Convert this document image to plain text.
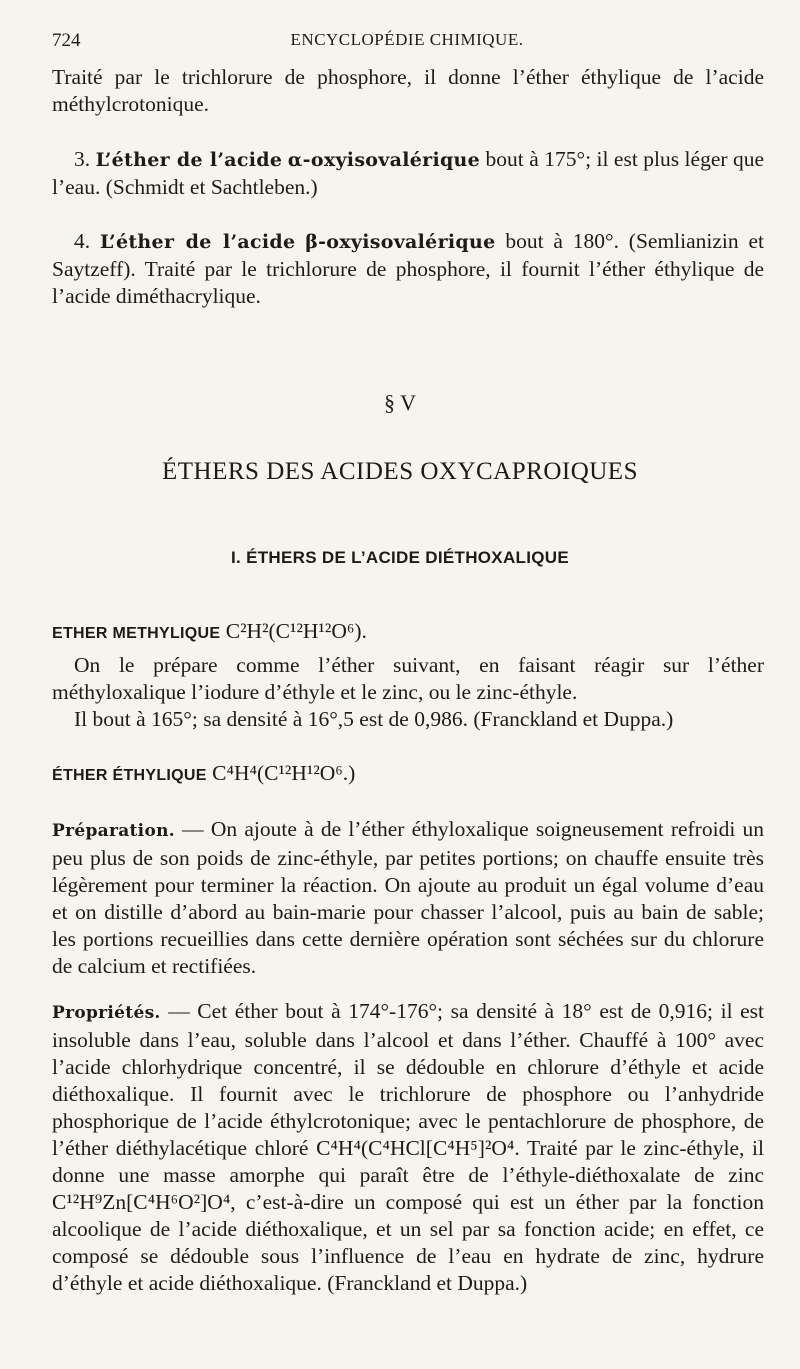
724	ENCYCLOPÉDIE CHIMIQUE.
Traité par le trichlorure de phosphore, il donne l’éther éthylique de l’acide méthylcrotonique.
3. L’éther de l’acide α-oxyisovalérique bout à 175°; il est plus léger que l’eau. (Schmidt et Sachtleben.)
4. L’éther de l’acide β-oxyisovalérique bout à 180°. (Semlianizin et Saytzeff). Traité par le trichlorure de phosphore, il fournit l’éther éthylique de l’acide diméthacrylique.
§ V
ÉTHERS DES ACIDES OXYCAPROIQUES
I. ÉTHERS DE L’ACIDE DIÉTHOXALIQUE
ETHER METHYLIQUE C²H²(C¹²H¹²O⁶).
On le prépare comme l’éther suivant, en faisant réagir sur l’éther méthyloxalique l’iodure d’éthyle et le zinc, ou le zinc-éthyle.
Il bout à 165°; sa densité à 16°,5 est de 0,986. (Franckland et Duppa.)
ÉTHER ÉTHYLIQUE C⁴H⁴(C¹²H¹²O⁶.)
Préparation. — On ajoute à de l’éther éthyloxalique soigneusement refroidi un peu plus de son poids de zinc-éthyle, par petites portions; on chauffe ensuite très légèrement pour terminer la réaction. On ajoute au produit un égal volume d’eau et on distille d’abord au bain-marie pour chasser l’alcool, puis au bain de sable; les portions recueillies dans cette dernière opération sont séchées sur du chlorure de calcium et rectifiées.
Propriétés. — Cet éther bout à 174°-176°; sa densité à 18° est de 0,916; il est insoluble dans l’eau, soluble dans l’alcool et dans l’éther. Chauffé à 100° avec l’acide chlorhydrique concentré, il se dédouble en chlorure d’éthyle et acide diéthoxalique. Il fournit avec le trichlorure de phosphore ou l’anhydride phosphorique de l’acide éthylcrotonique; avec le pentachlorure de phosphore, de l’éther diéthylacétique chloré C⁴H⁴(C⁴HCl[C⁴H⁵]²O⁴. Traité par le zinc-éthyle, il donne une masse amorphe qui paraît être de l’éthyle-diéthoxalate de zinc C¹²H⁹Zn[C⁴H⁶O²]O⁴, c’est-à-dire un composé qui est un éther par la fonction alcoolique de l’acide diéthoxalique, et un sel par sa fonction acide; en effet, ce composé se dédouble sous l’influence de l’eau en hydrate de zinc, hydrure d’éthyle et acide diéthoxalique. (Franckland et Duppa.)
